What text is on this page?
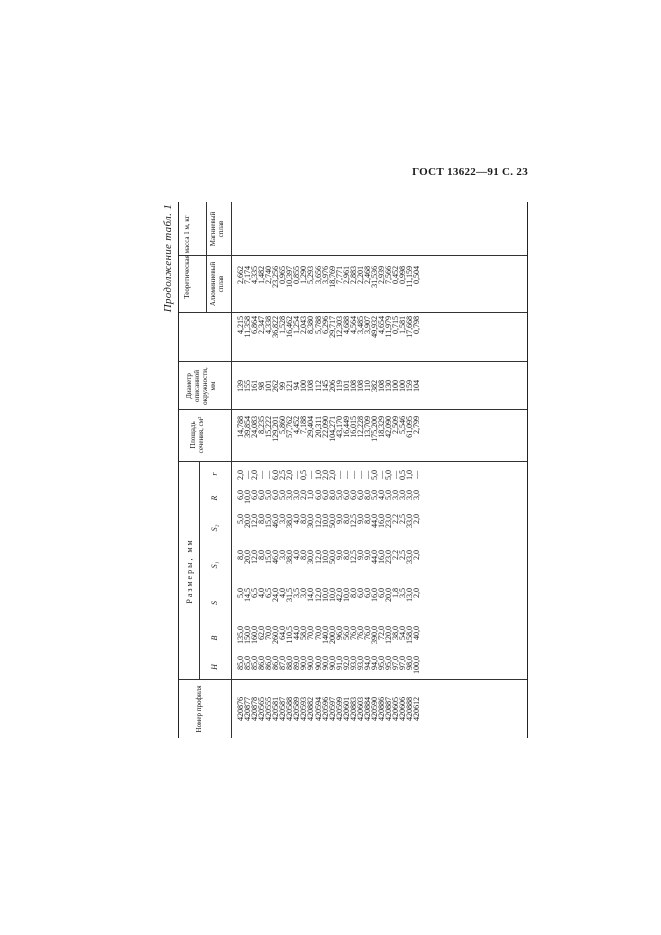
ГОСТ 13622—91 С. 23
Продолжение табл. 1
Номер профиля
Размеры, мм
H
B
S
S₁
S₂
R
r
Площадь сечения, см²
Диаметр описанной окружности, мм
Теоретическая масса 1 м, кг	Алюминиевый сплав
Магниевый сплав
420876
420877
420878
420565
420555
420581
420587
420588
420589
420593
420882
420594
420596
420597
420599
420601
420883
420603
420884
420590
420886
420887
420605
420606
420888
420612
85,0
85,0
85,0
86,0
86,0
86,0
87,0
88,0
89,0
90,0
90,0
90,0
90,0
90,0
91,0
92,0
93,0
93,0
94,0
94,0
95,0
95,0
97,0
97,0
98,0
100,0
135,0
150,0
160,0
62,0
70,0
260,0
64,0
110,5
44,0
58,0
70,0
70,0
140,0
200,0
96,0
56,0
76,0
76,0
76,0
390,0
72,0
120,0
38,0
54,0
158,0
40,0
5,0
14,5
6,5
4,0
6,5
24,0
4,0
31,5
3,5
3,0
14,0
12,0
10,0
10,0
42,0
10,0
8,0
6,0
6,0
16,0
6,0
20,0
1,8
3,5
13,0
2,0
8,0
20,0
12,0
8,0
15,0
46,0
3,0
38,0
4,0
8,0
30,0
12,0
10,0
50,0
9,0
8,0
12,5
9,0
9,0
44,0
16,0
23,0
2,2
2,5
33,0
2,0
5,0
20,0
12,0
8,0
15,0
46,0
3,0
38,0
4,0
8,0
30,0
12,0
10,0
50,0
9,0
8,0
12,5
9,0
8,0
44,0
16,0
23,0
2,2
2,5
33,0
2,0
6,0
10,0
6,0
6,0
5,0
6,0
5,0
3,0
3,0
2,0
1,0
6,0
6,0
8,0
5,0
6,0
6,0
6,0
8,0
5,0
4,0
5,0
3,0
3,0
3,0
3,0
2,0
—
2,0
—
—
6,0
2,5
2,0
—
0,5
—
1,0
2,0
2,0
—
—
—
—
—
5,0
—
5,0
—
0,5
1,0
—
14,788
39,854
24,083
8,235
15,222
129,201
5,860
57,762
4,452
7,188
29,404
20,311
22,090
104,271
43,170
16,449
16,015
12,228
13,709
175,200
18,329
42,090
2,509
5,546
61,095
2,799
139
155
161
98
101
262
99
121
94
100
108
112
145
206
119
101
108
108
110
382
108
130
100
100
159
104
4,215
11,358
6,864
2,347
4,338
36,822
1,528
16,462
1,254
2,043
8,380
5,788
6,296
29,717
12,303
4,688
4,564
3,485
3,907
49,932
4,654
11,979
0,715
1,581
17,668
0,798
2,662
7,174
4,335
1,482
2,740
23,256
0,965
10,397
0,855
1,290
5,293
3,656
3,976
18,769
7,771
2,961
2,883
2,201
2,468
31,536
2,939
7,566
0,452
0,998
11,159
0,504
